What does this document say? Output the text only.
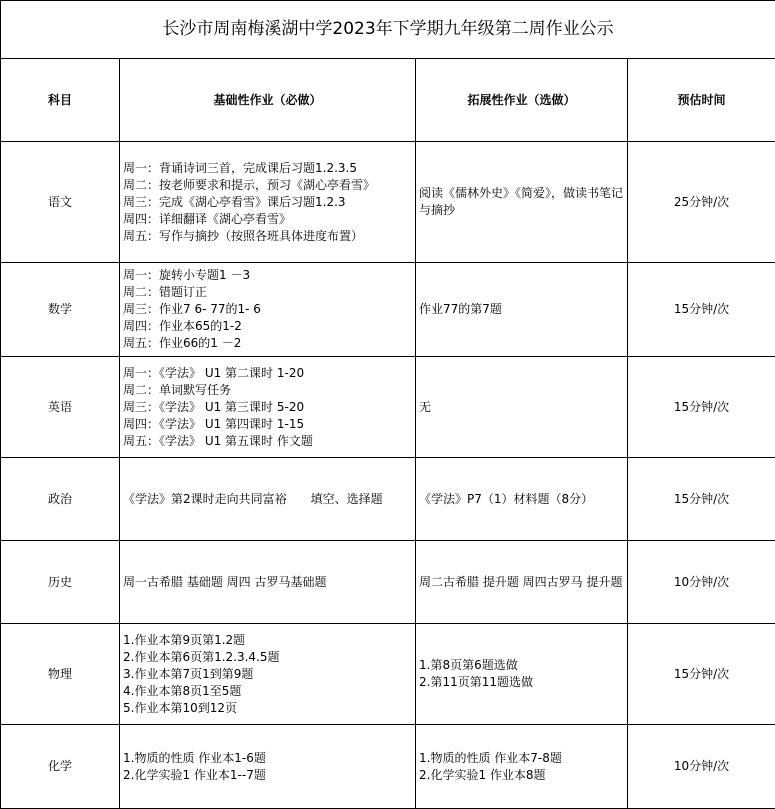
长沙市周南梅溪湖中学2023年下学期九年级第二周作业公示			
科目	基础性作业（必做）	拓展性作业（选做）	预估时间
语文	周一：背诵诗词三首，完成课后习题1.2.3.5
周二：按老师要求和提示，预习《湖心亭看雪》
周三：完成《湖心亭看雪》课后习题1.2.3
周四：详细翻译《湖心亭看雪》
周五：写作与摘抄（按照各班具体进度布置）	阅读《儒林外史》《简爱》，做读书笔记与摘抄	25分钟/次
数学	周一：旋转小专题1 －3
周二：错题订正
周三：作业7 6- 77的1- 6
周四：作业本65的1-2
周五：作业66的1 －2	作业77的第7题	15分钟/次
英语	周一：《学法》 U1 第二课时 1-20
周二：单词默写任务
周三：《学法》 U1 第三课时 5-20
周四：《学法》 U1 第四课时 1-15
周五：《学法》 U1 第五课时 作文题	无	15分钟/次
政治	《学法》第2课时走向共同富裕　　填空、选择题	《学法》P7（1）材料题（8分）	15分钟/次
历史	周一古希腊 基础题 周四 古罗马基础题	周二古希腊 提升题 周四古罗马 提升题	10分钟/次
物理	1.作业本第9页第1.2题
2.作业本第6页第1.2.3.4.5题
3.作业本第7页1到第9题
4.作业本第8页1至5题
5.作业本第10到12页	1.第8页第6题选做
2.第11页第11题选做	15分钟/次
化学	1.物质的性质 作业本1-6题
2.化学实验1 作业本1--7题	1.物质的性质 作业本7-8题
2.化学实验1 作业本8题	10分钟/次
